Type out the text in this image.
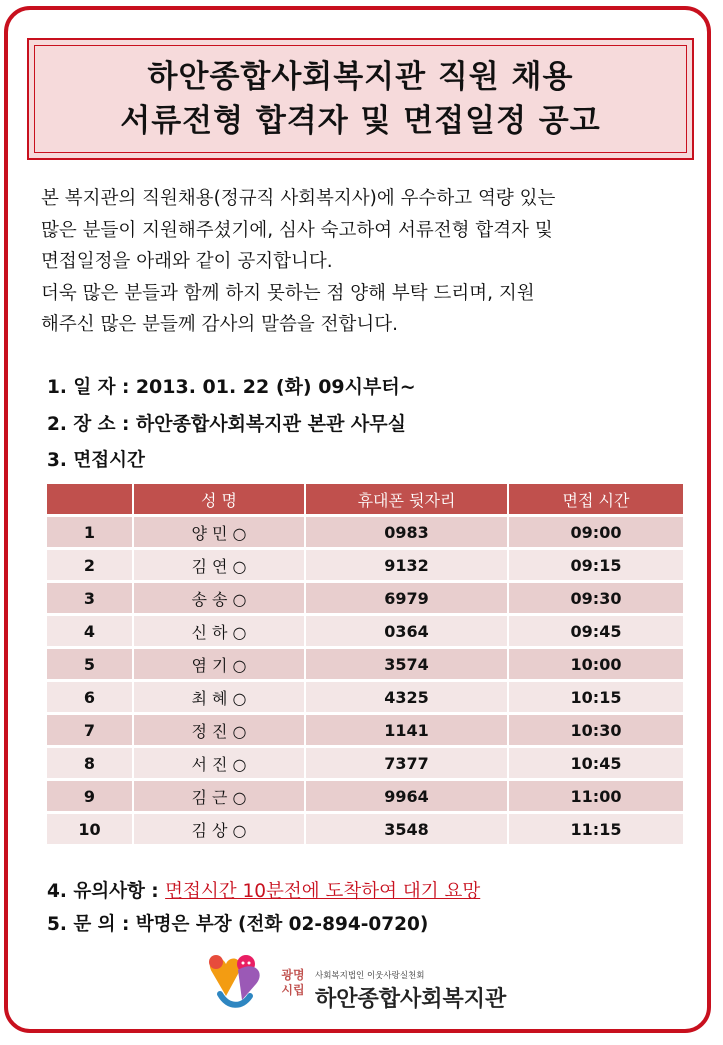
하안종합사회복지관 직원 채용
서류전형 합격자 및 면접일정 공고
본 복지관의 직원채용(정규직 사회복지사)에 우수하고 역량 있는
많은 분들이 지원해주셨기에, 심사 숙고하여 서류전형 합격자 및
면접일정을 아래와 같이 공지합니다.
더욱 많은 분들과 함께 하지 못하는 점 양해 부탁 드리며, 지원
해주신 많은 분들께 감사의 말씀을 전합니다.
1. 일 자 : 2013. 01. 22 (화) 09시부터~
2. 장 소 : 하안종합사회복지관 본관 사무실
3. 면접시간
	성 명	휴대폰 뒷자리	면접 시간
1	양 민 ○	0983	09:00
2	김 연 ○	9132	09:15
3	송 송 ○	6979	09:30
4	신 하 ○	0364	09:45
5	염 기 ○	3574	10:00
6	최 혜 ○	4325	10:15
7	정 진 ○	1141	10:30
8	서 진 ○	7377	10:45
9	김 근 ○	9964	11:00
10	김 상 ○	3548	11:15
4. 유의사항 : 면접시간 10분전에 도착하여 대기 요망
5. 문 의 : 박명은 부장 (전화 02-894-0720)
광명 시립
사회복지법인 이웃사랑실천회
하안종합사회복지관
